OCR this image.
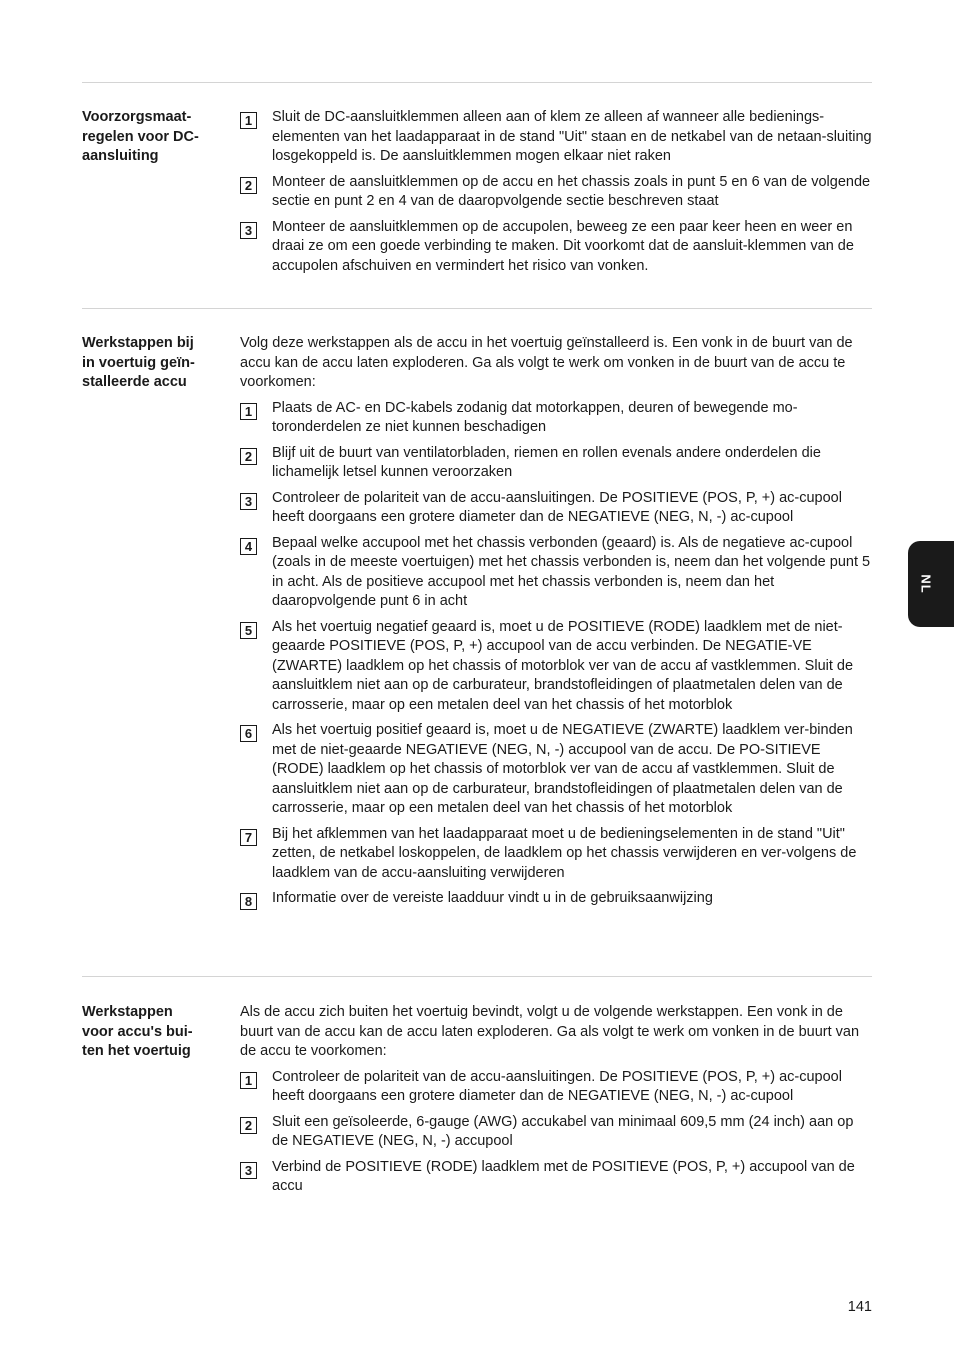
Voorzorgsmaat-
regelen voor DC-
aansluiting
1	Sluit de DC-aansluitklemmen alleen aan of klem ze alleen af wanneer alle bedienings-elementen van het laadapparaat in de stand "Uit" staan en de netkabel van de netaan-sluiting losgekoppeld is. De aansluitklemmen mogen elkaar niet raken
2	Monteer de aansluitklemmen op de accu en het chassis zoals in punt 5 en 6 van de volgende sectie en punt 2 en 4 van de daaropvolgende sectie beschreven staat
3	Monteer de aansluitklemmen op de accupolen, beweeg ze een paar keer heen en weer en draai ze om een goede verbinding te maken. Dit voorkomt dat de aansluit-klemmen van de accupolen afschuiven en vermindert het risico van vonken.
Werkstappen bij
in voertuig geïn-
stalleerde accu

Volg deze werkstappen als de accu in het voertuig geïnstalleerd is. Een vonk in de buurt van de accu kan de accu laten exploderen. Ga als volgt te werk om vonken in de buurt van de accu te voorkomen:

1	Plaats de AC- en DC-kabels zodanig dat motorkappen, deuren of bewegende mo-toronderdelen ze niet kunnen beschadigen
2	Blijf uit de buurt van ventilatorbladen, riemen en rollen evenals andere onderdelen die lichamelijk letsel kunnen veroorzaken
3	Controleer de polariteit van de accu-aansluitingen. De POSITIEVE (POS, P, +) ac-cupool heeft doorgaans een grotere diameter dan de NEGATIEVE (NEG, N, -) ac-cupool
4	Bepaal welke accupool met het chassis verbonden (geaard) is. Als de negatieve ac-cupool (zoals in de meeste voertuigen) met het chassis verbonden is, neem dan het volgende punt 5 in acht. Als de positieve accupool met het chassis verbonden is, neem dan het daaropvolgende punt 6 in acht
5	Als het voertuig negatief geaard is, moet u de POSITIEVE (RODE) laadklem met de niet-geaarde POSITIEVE (POS, P, +) accupool van de accu verbinden. De NEGATIE-VE (ZWARTE) laadklem op het chassis of motorblok ver van de accu af vastklemmen. Sluit de aansluitklem niet aan op de carburateur, brandstofleidingen of plaatmetalen delen van de carrosserie, maar op een metalen deel van het chassis of het motorblok
6	Als het voertuig positief geaard is, moet u de NEGATIEVE (ZWARTE) laadklem ver-binden met de niet-geaarde NEGATIEVE (NEG, N, -) accupool van de accu. De PO-SITIEVE (RODE) laadklem op het chassis of motorblok ver van de accu af vastklemmen. Sluit de aansluitklem niet aan op de carburateur, brandstofleidingen of plaatmetalen delen van de carrosserie, maar op een metalen deel van het chassis of het motorblok
7	Bij het afklemmen van het laadapparaat moet u de bedieningselementen in de stand "Uit" zetten, de netkabel loskoppelen, de laadklem op het chassis verwijderen en ver-volgens de laadklem van de accu-aansluiting verwijderen
8	Informatie over de vereiste laadduur vindt u in de gebruiksaanwijzing
Werkstappen
voor accu's bui-
ten het voertuig

Als de accu zich buiten het voertuig bevindt, volgt u de volgende werkstappen. Een vonk in de buurt van de accu kan de accu laten exploderen. Ga als volgt te werk om vonken in de buurt van de accu te voorkomen:

1	Controleer de polariteit van de accu-aansluitingen. De POSITIEVE (POS, P, +) ac-cupool heeft doorgaans een grotere diameter dan de NEGATIEVE (NEG, N, -) ac-cupool
2	Sluit een geïsoleerde, 6-gauge (AWG) accukabel van minimaal 609,5 mm (24 inch) aan op de NEGATIEVE (NEG, N, -) accupool
3	Verbind de POSITIEVE (RODE) laadklem met de POSITIEVE (POS, P, +) accupool van de accu
NL
141
